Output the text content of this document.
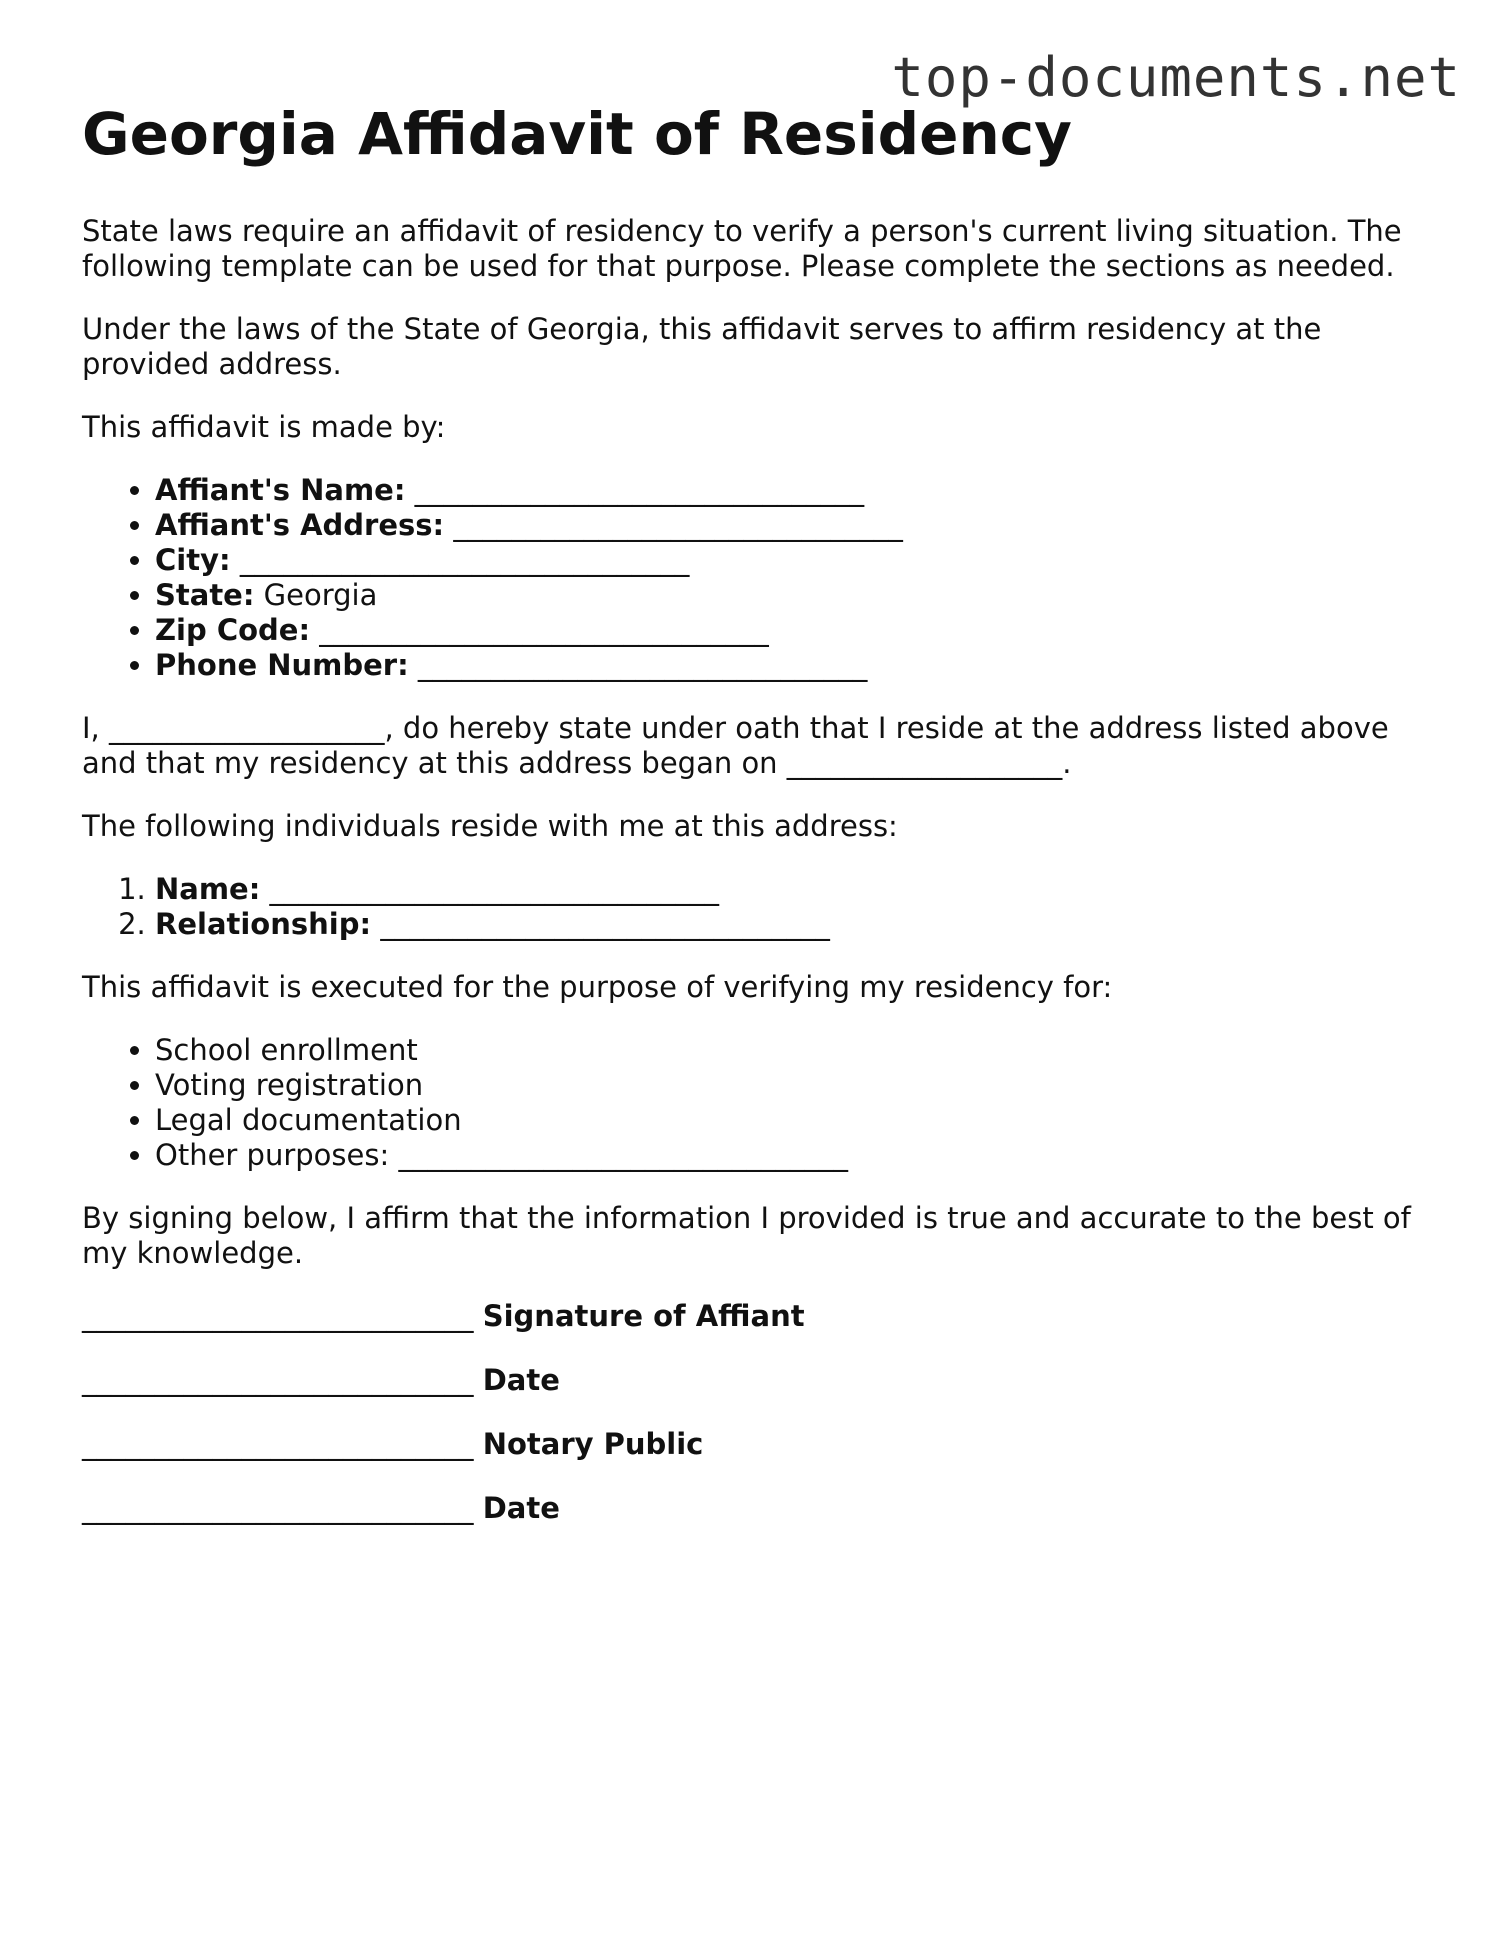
top-documents.net
Georgia Affidavit of Residency

State laws require an affidavit of residency to verify a person's current living situation. The following template can be used for that purpose. Please complete the sections as needed.

Under the laws of the State of Georgia, this affidavit serves to affirm residency at the provided address.

This affidavit is made by:

• Affiant's Name: _______________________________
• Affiant's Address: _______________________________
• City: _______________________________
• State: Georgia
• Zip Code: _______________________________
• Phone Number: _______________________________

I, ___________________, do hereby state under oath that I reside at the address listed above and that my residency at this address began on ___________________.

The following individuals reside with me at this address:

1. Name: _______________________________
2. Relationship: _______________________________

This affidavit is executed for the purpose of verifying my residency for:

• School enrollment
• Voting registration
• Legal documentation
• Other purposes: _______________________________

By signing below, I affirm that the information I provided is true and accurate to the best of my knowledge.

___________________________ Signature of Affiant
___________________________ Date
___________________________ Notary Public
___________________________ Date
